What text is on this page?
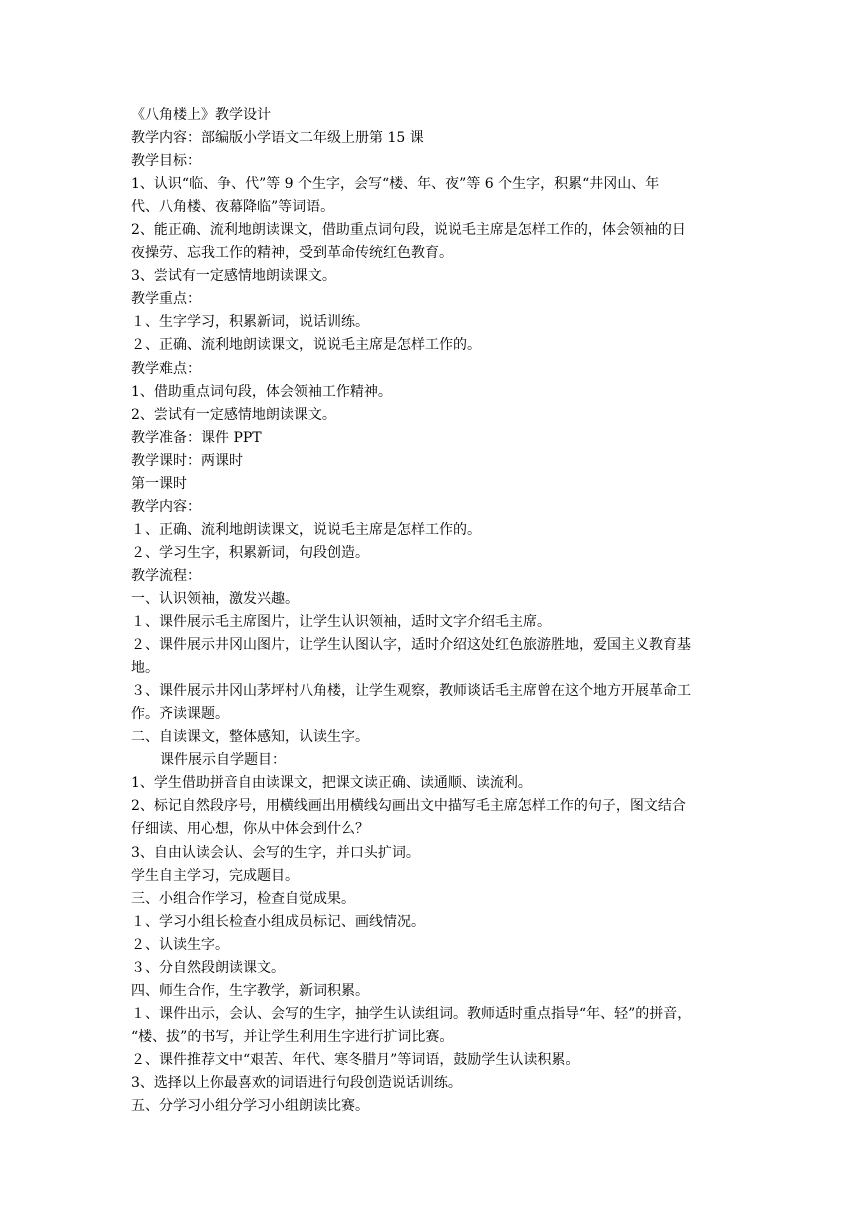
《八角楼上》教学设计
教学内容：部编版小学语文二年级上册第 15 课
教学目标：
1、认识“临、争、代”等 9 个生字，会写“楼、年、夜”等 6 个生字，积累“井冈山、年
代、八角楼、夜幕降临”等词语。
2、能正确、流利地朗读课文，借助重点词句段，说说毛主席是怎样工作的，体会领袖的日
夜操劳、忘我工作的精神，受到革命传统红色教育。
3、尝试有一定感情地朗读课文。
教学重点：
１、生字学习，积累新词，说话训练。
２、正确、流利地朗读课文，说说毛主席是怎样工作的。
教学难点：
1、借助重点词句段，体会领袖工作精神。
2、尝试有一定感情地朗读课文。
教学准备：课件 PPT
教学课时：两课时
第一课时
教学内容：
１、正确、流利地朗读课文，说说毛主席是怎样工作的。
２、学习生字，积累新词，句段创造。
教学流程：
一、认识领袖，激发兴趣。
１、课件展示毛主席图片，让学生认识领袖，适时文字介绍毛主席。
２、课件展示井冈山图片，让学生认图认字，适时介绍这处红色旅游胜地，爱国主义教育基
地。
３、课件展示井冈山茅坪村八角楼，让学生观察，教师谈话毛主席曾在这个地方开展革命工
作。齐读课题。
二、自读课文，整体感知，认读生字。
课件展示自学题目：
1、学生借助拼音自由读课文，把课文读正确、读通顺、读流利。
2、标记自然段序号，用横线画出用横线勾画出文中描写毛主席怎样工作的句子，图文结合
仔细读、用心想，你从中体会到什么？
3、自由认读会认、会写的生字，并口头扩词。
学生自主学习，完成题目。
三、小组合作学习，检查自觉成果。
１、学习小组长检查小组成员标记、画线情况。
２、认读生字。
３、分自然段朗读课文。
四、师生合作，生字教学，新词积累。
１、课件出示，会认、会写的生字，抽学生认读组词。教师适时重点指导“年、轻”的拼音，
“楼、拔”的书写，并让学生利用生字进行扩词比赛。
２、课件推荐文中“艰苦、年代、寒冬腊月”等词语，鼓励学生认读积累。
3、选择以上你最喜欢的词语进行句段创造说话训练。
五、分学习小组分学习小组朗读比赛。
